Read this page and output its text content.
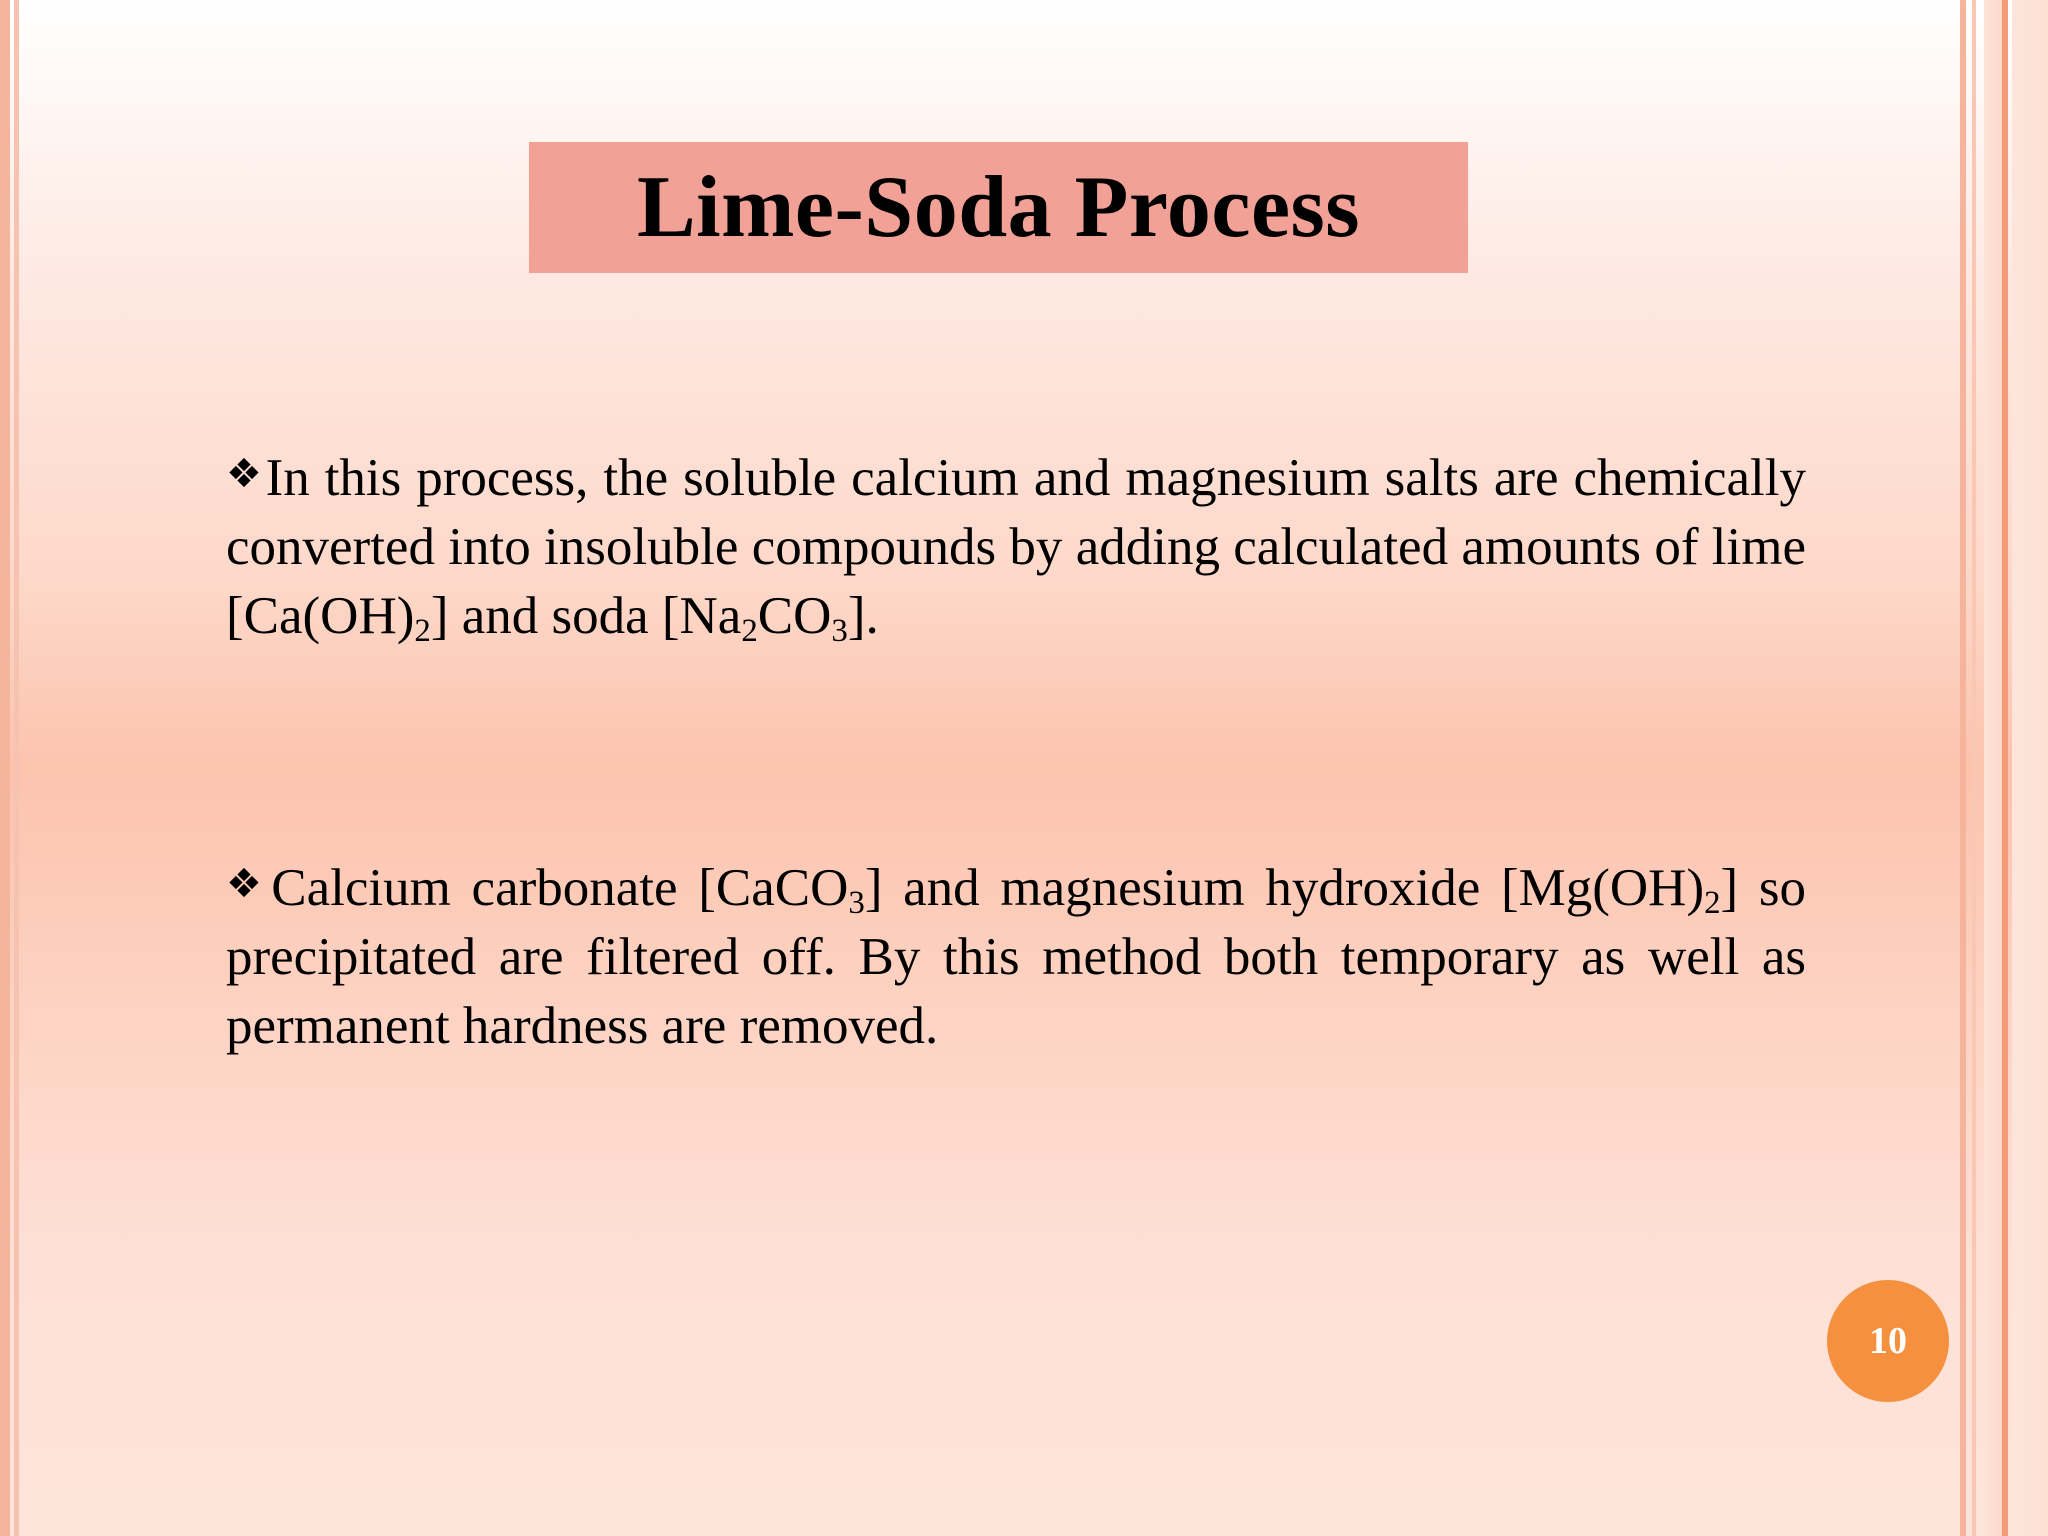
Lime-Soda Process
❖In this process, the soluble calcium and magnesium salts are chemically converted into insoluble compounds by adding calculated amounts of lime $[Ca(OH)_2]$ and soda $[Na_2CO_3]$.
❖Calcium carbonate [CaCO$_3$] and magnesium hydroxide $[Mg(OH)_2]$ so precipitated are filtered off. By this method both temporary as well as permanent hardness are removed.
10
